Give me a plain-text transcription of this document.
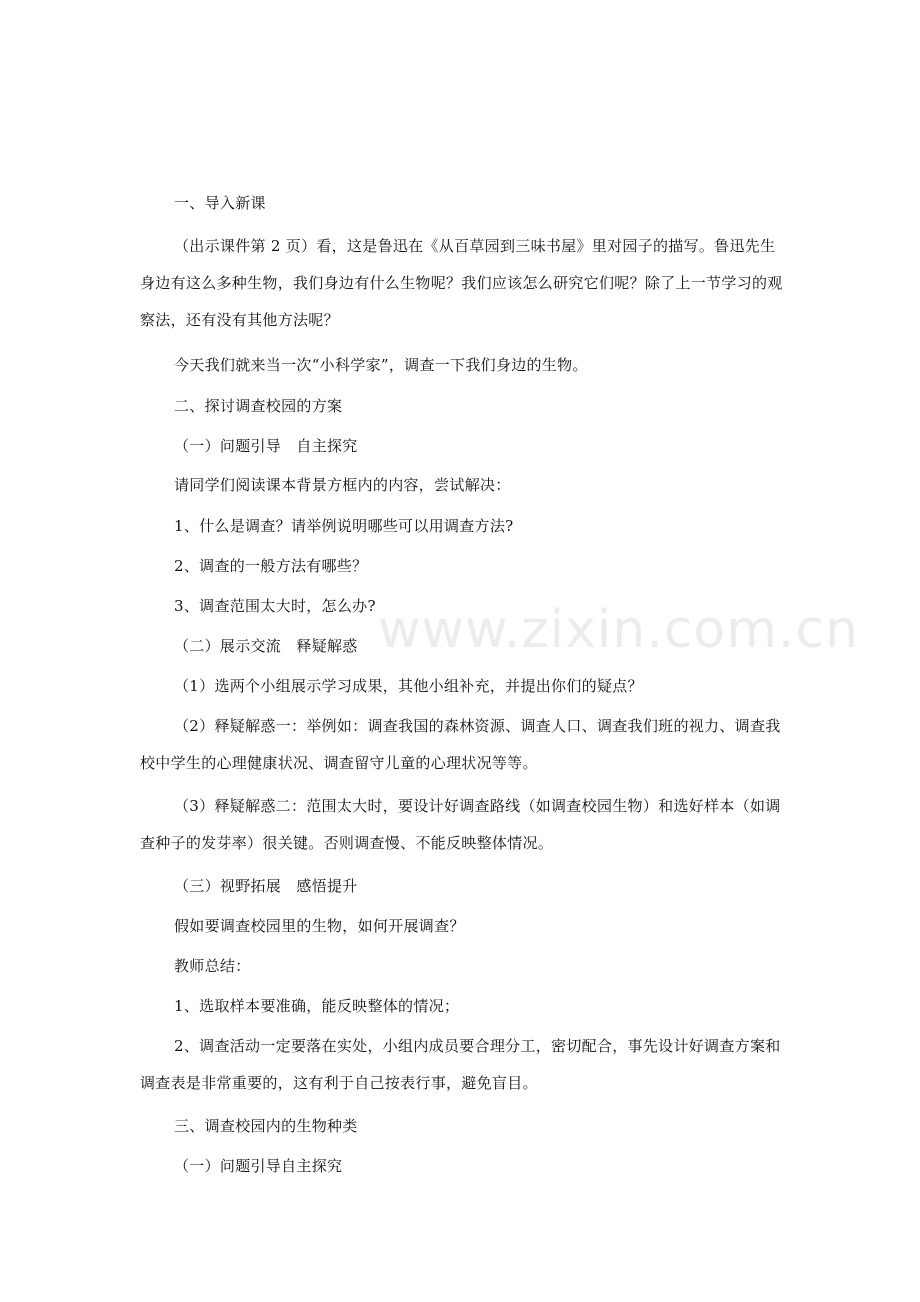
一、导入新课

（出示课件第 2 页）看，这是鲁迅在《从百草园到三味书屋》里对园子的描写。鲁迅先生身边有这么多种生物，我们身边有什么生物呢？我们应该怎么研究它们呢？除了上一节学习的观察法，还有没有其他方法呢？

今天我们就来当一次“小科学家”，调查一下我们身边的生物。

二、探讨调查校园的方案

（一）问题引导　自主探究

请同学们阅读课本背景方框内的内容，尝试解决：

1、什么是调查？请举例说明哪些可以用调查方法?

2、调查的一般方法有哪些？

3、调查范围太大时，怎么办?

（二）展示交流　释疑解惑

（1）选两个小组展示学习成果，其他小组补充，并提出你们的疑点？

（2）释疑解惑一：举例如：调查我国的森林资源、调查人口、调查我们班的视力、调查我校中学生的心理健康状况、调查留守儿童的心理状况等等。

（3）释疑解惑二：范围太大时，要设计好调查路线（如调查校园生物）和选好样本（如调查种子的发芽率）很关键。否则调查慢、不能反映整体情况。

（三）视野拓展　感悟提升

假如要调查校园里的生物，如何开展调查？

教师总结：

1、选取样本要准确，能反映整体的情况；

2、调查活动一定要落在实处，小组内成员要合理分工，密切配合，事先设计好调查方案和调查表是非常重要的，这有利于自己按表行事，避免盲目。

三、调查校园内的生物种类

（一）问题引导自主探究

www.zixin.com.cn
